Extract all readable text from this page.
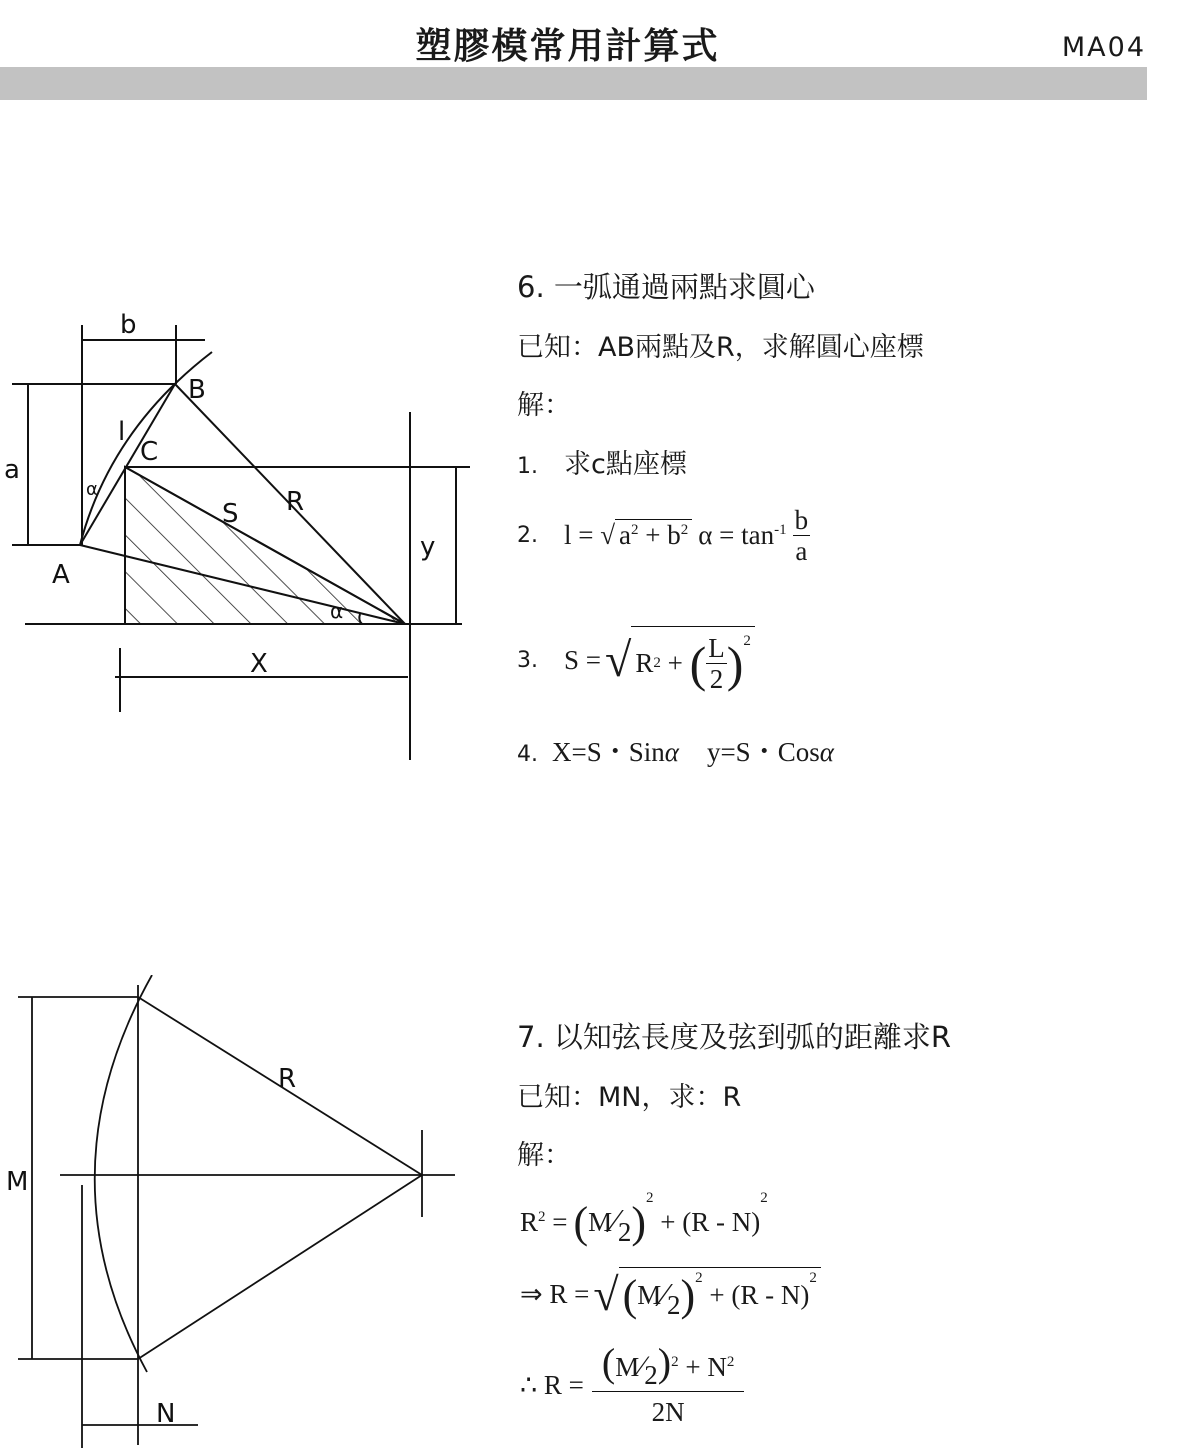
塑膠模常用計算式	MA04
b
a
B
C
A
S R
X
y
l
α
α
6. 一弧通過兩點求圓心
已知：AB兩點及R，求解圓心座標
解：
1. 求c點座標
2. l = √ $a^2 + b^2$ $\alpha = \tan^{-1} \frac{b}{a}$
3. S = √ R 2 + ( $\frac{L}{2} )^2$
4. X=S・Sinα y=S・Cosα
R
M
N
7. 以知弦長度及弦到弧的距離求R
已知：MN，求：R
解：
$R^2$ = ( M ⁄ 2 )$^2$
+ (R - N)
$^2$
⇒ R = √ ( M ⁄ 2 )$^2$
+ (R - N)
$^2$
∴ $R = \frac{(M⁄2)^2 + N^2}{2N}$
